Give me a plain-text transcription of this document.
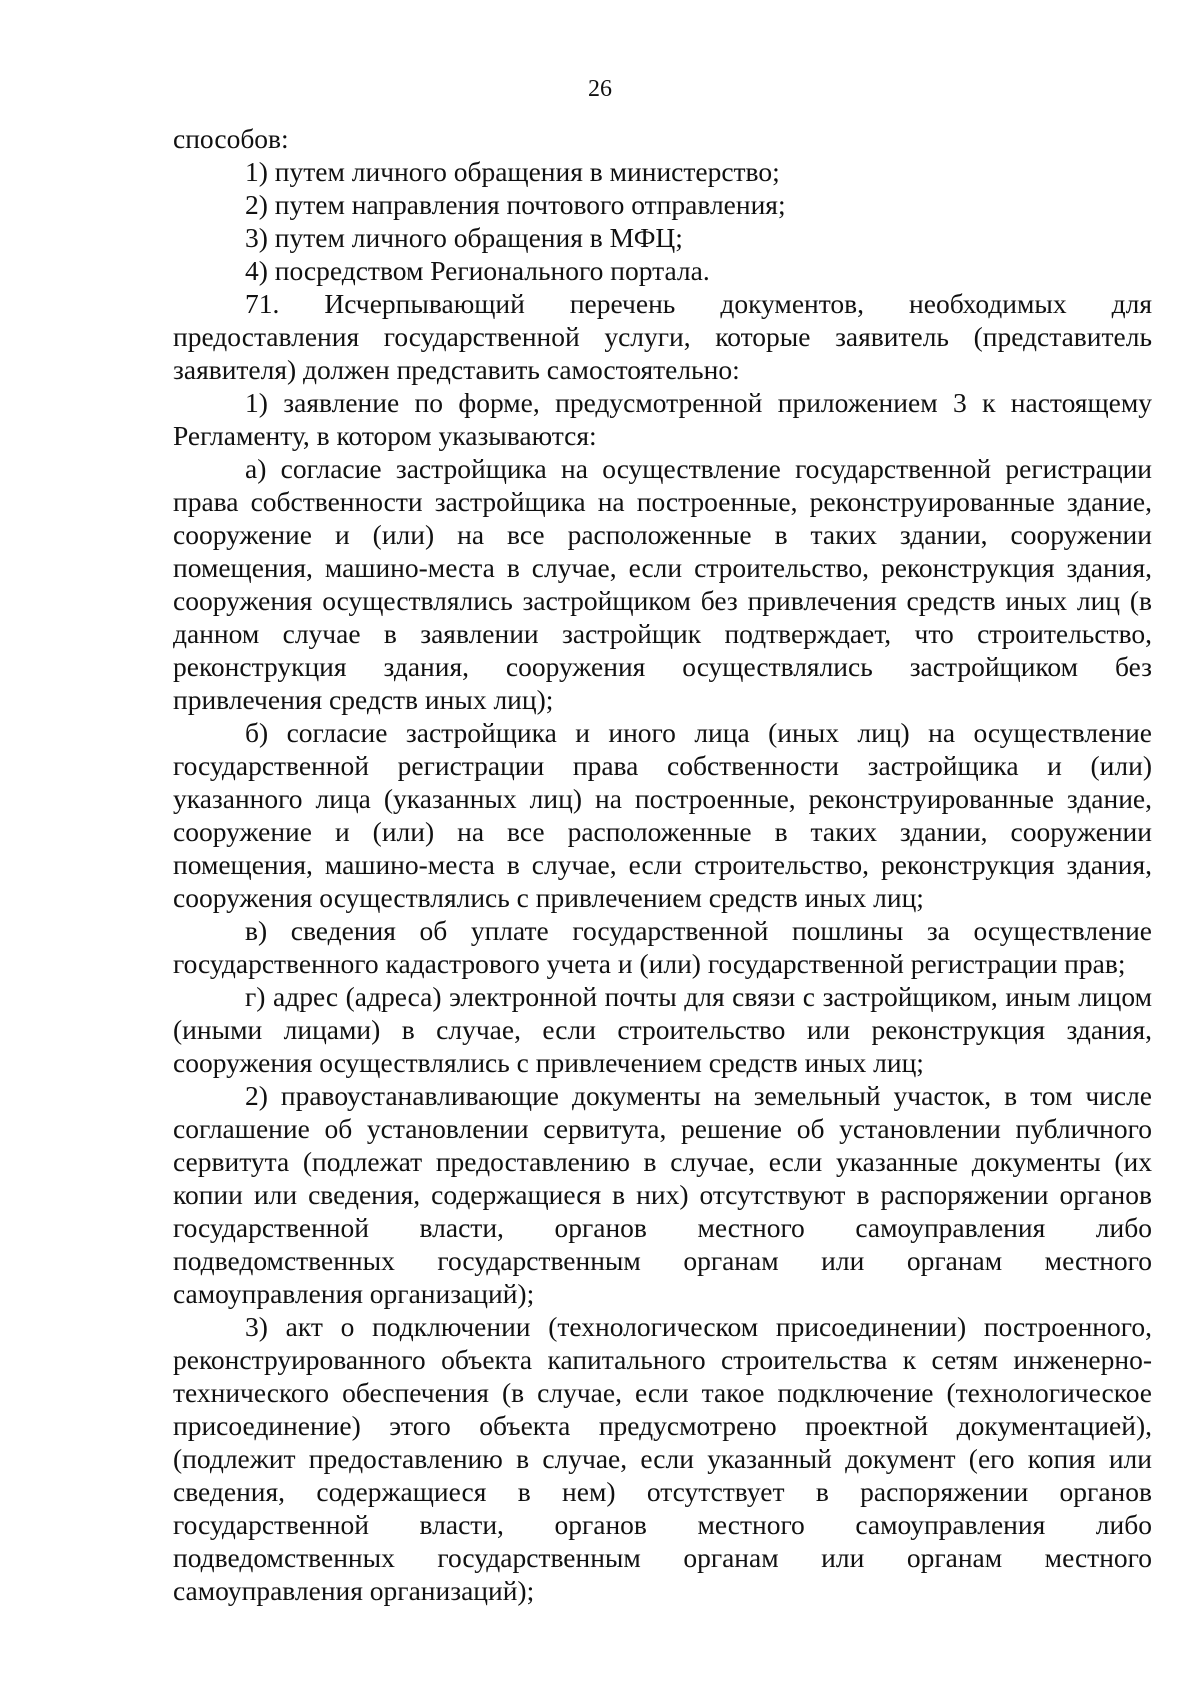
26

способов:

1) путем личного обращения в министерство;

2) путем направления почтового отправления;

3) путем личного обращения в МФЦ;

4) посредством Регионального портала.

71. Исчерпывающий перечень документов, необходимых для предоставления государственной услуги, которые заявитель (представитель заявителя) должен представить самостоятельно:

1) заявление по форме, предусмотренной приложением 3 к настоящему Регламенту, в котором указываются:

а) согласие застройщика на осуществление государственной регистрации права собственности застройщика на построенные, реконструированные здание, сооружение и (или) на все расположенные в таких здании, сооружении помещения, машино-места в случае, если строительство, реконструкция здания, сооружения осуществлялись застройщиком без привлечения средств иных лиц (в данном случае в заявлении застройщик подтверждает, что строительство, реконструкция здания, сооружения осуществлялись застройщиком без привлечения средств иных лиц);

б) согласие застройщика и иного лица (иных лиц) на осуществление государственной регистрации права собственности застройщика и (или) указанного лица (указанных лиц) на построенные, реконструированные здание, сооружение и (или) на все расположенные в таких здании, сооружении помещения, машино-места в случае, если строительство, реконструкция здания, сооружения осуществлялись с привлечением средств иных лиц;

в) сведения об уплате государственной пошлины за осуществление государственного кадастрового учета и (или) государственной регистрации прав;

г) адрес (адреса) электронной почты для связи с застройщиком, иным лицом (иными лицами) в случае, если строительство или реконструкция здания, сооружения осуществлялись с привлечением средств иных лиц;

2) правоустанавливающие документы на земельный участок, в том числе соглашение об установлении сервитута, решение об установлении публичного сервитута (подлежат предоставлению в случае, если указанные документы (их копии или сведения, содержащиеся в них) отсутствуют в распоряжении органов государственной власти, органов местного самоуправления либо подведомственных государственным органам или органам местного самоуправления организаций);

3) акт о подключении (технологическом присоединении) построенного, реконструированного объекта капитального строительства к сетям инженерно-технического обеспечения (в случае, если такое подключение (технологическое присоединение) этого объекта предусмотрено проектной документацией), (подлежит предоставлению в случае, если указанный документ (его копия или сведения, содержащиеся в нем) отсутствует в распоряжении органов государственной власти, органов местного самоуправления либо подведомственных государственным органам или органам местного самоуправления организаций);
